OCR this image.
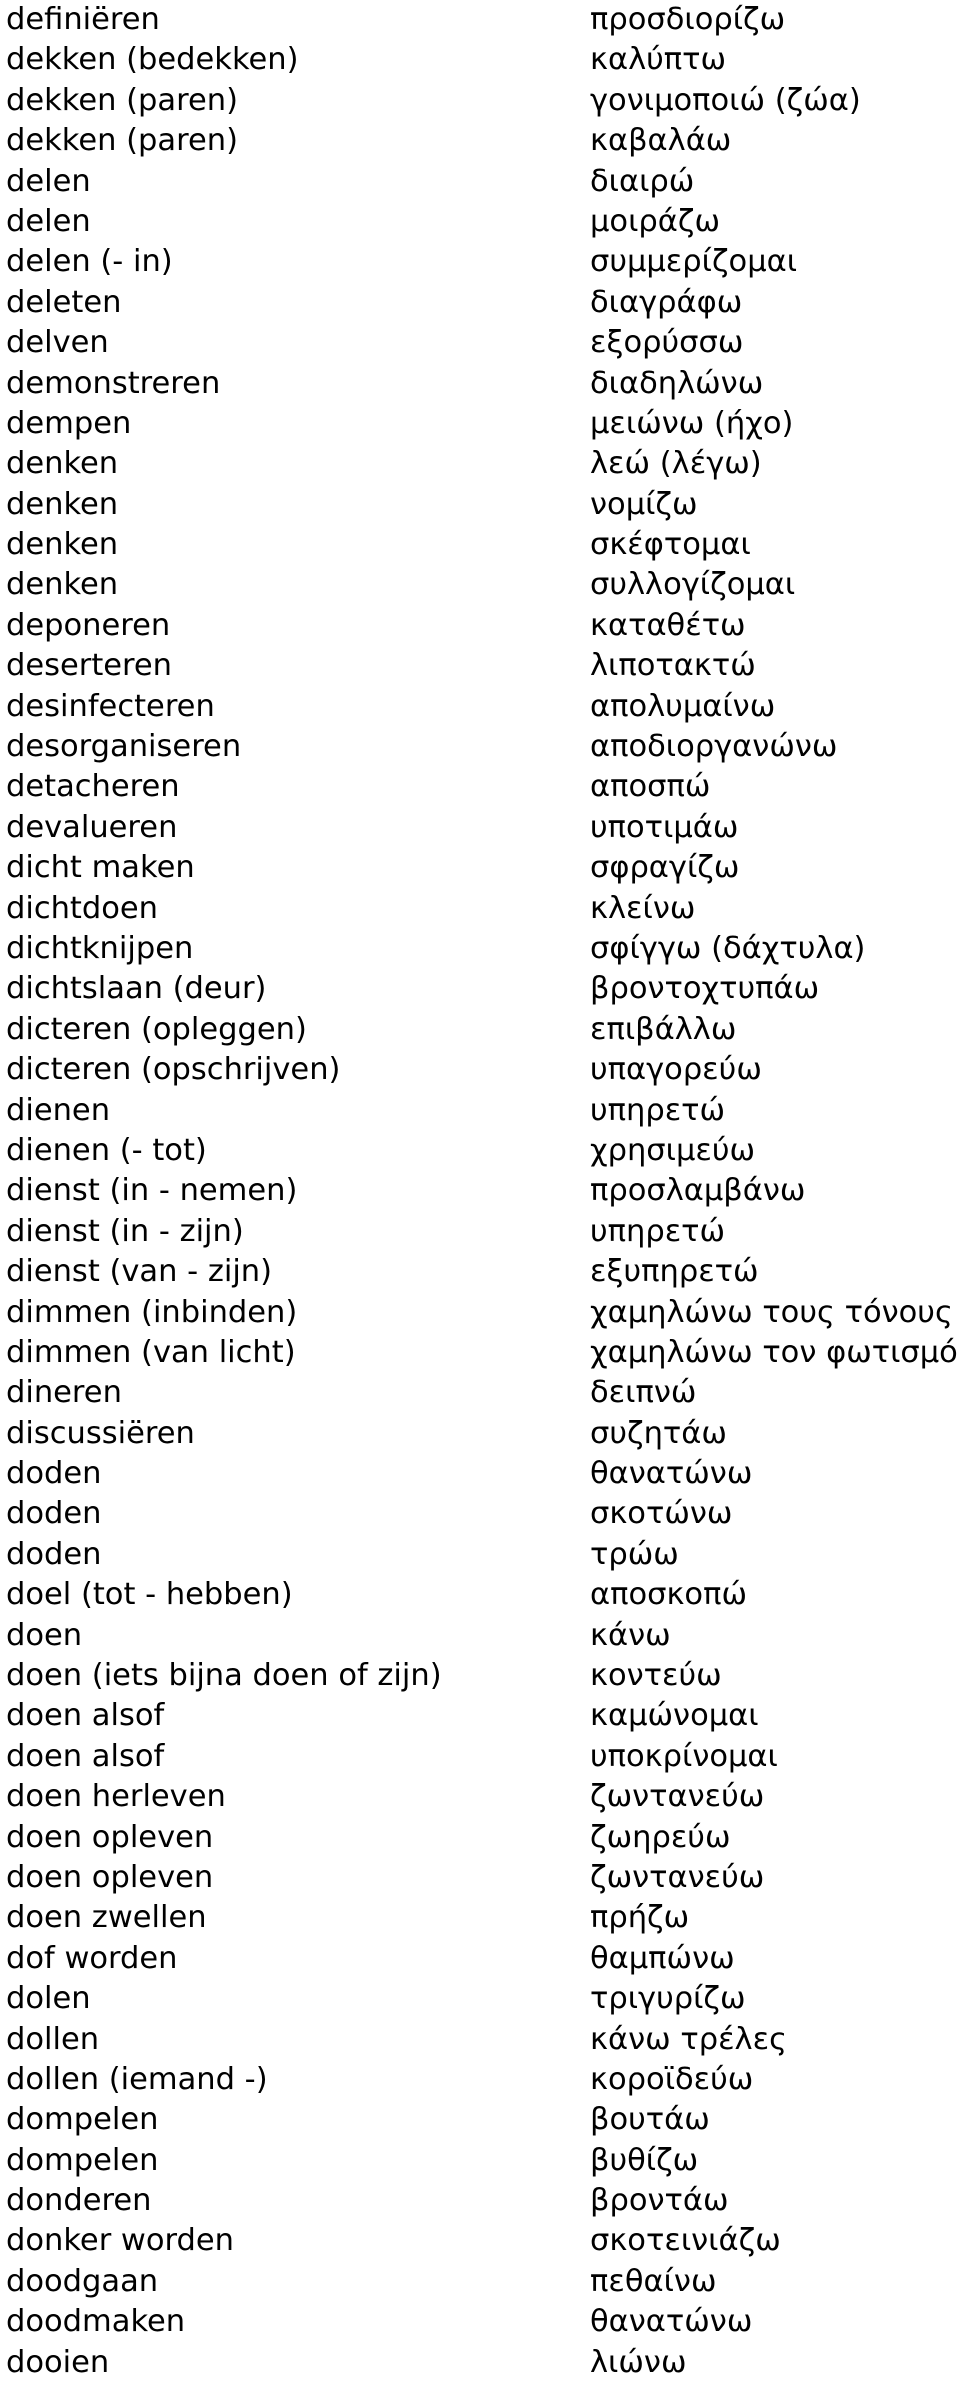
definiëren	προσδιορίζω
dekken (bedekken)	καλύπτω
dekken (paren)	γονιμοποιώ (ζώα)
dekken (paren)	καβαλάω
delen	διαιρώ
delen	μοιράζω
delen (- in)	συμμερίζομαι
deleten	διαγράφω
delven	εξορύσσω
demonstreren	διαδηλώνω
dempen	μειώνω (ήχο)
denken	λεώ (λέγω)
denken	νομίζω
denken	σκέφτομαι
denken	συλλογίζομαι
deponeren	καταθέτω
deserteren	λιποτακτώ
desinfecteren	απολυμαίνω
desorganiseren	αποδιοργανώνω
detacheren	αποσπώ
devalueren	υποτιμάω
dicht maken	σφραγίζω
dichtdoen	κλείνω
dichtknijpen	σφίγγω (δάχτυλα)
dichtslaan (deur)	βροντοχτυπάω
dicteren (opleggen)	επιβάλλω
dicteren (opschrijven)	υπαγορεύω
dienen	υπηρετώ
dienen (- tot)	χρησιμεύω
dienst (in - nemen)	προσλαμβάνω
dienst (in - zijn)	υπηρετώ
dienst (van - zijn)	εξυπηρετώ
dimmen (inbinden)	χαμηλώνω τους τόνους
dimmen (van licht)	χαμηλώνω τον φωτισμό
dineren	δειπνώ
discussiëren	συζητάω
doden	θανατώνω
doden	σκοτώνω
doden	τρώω
doel (tot - hebben)	αποσκοπώ
doen	κάνω
doen (iets bijna doen of zijn)	κοντεύω
doen alsof	καμώνομαι
doen alsof	υποκρίνομαι
doen herleven	ζωντανεύω
doen opleven	ζωηρεύω
doen opleven	ζωντανεύω
doen zwellen	πρήζω
dof worden	θαμπώνω
dolen	τριγυρίζω
dollen	κάνω τρέλες
dollen (iemand -)	κοροϊδεύω
dompelen	βουτάω
dompelen	βυθίζω
donderen	βροντάω
donker worden	σκοτεινιάζω
doodgaan	πεθαίνω
doodmaken	θανατώνω
dooien	λιώνω
